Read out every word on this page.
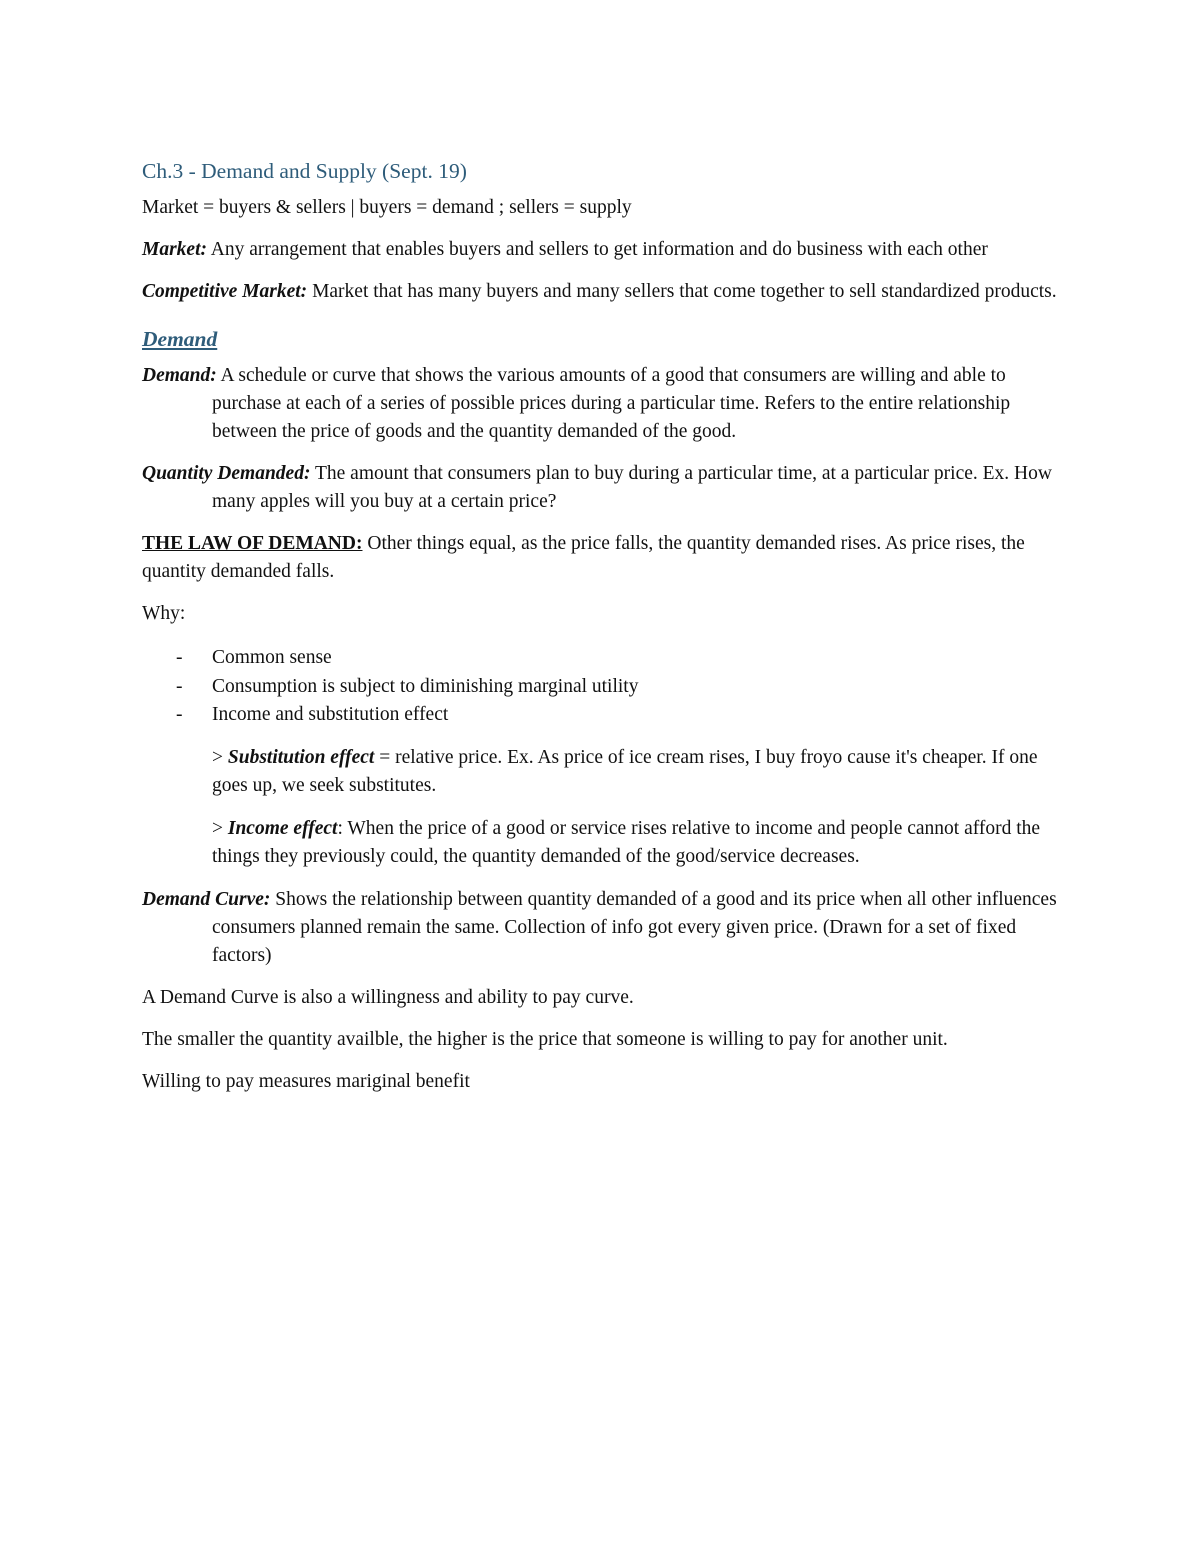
Ch.3 - Demand and Supply (Sept. 19)

Market = buyers & sellers | buyers = demand ; sellers = supply

Market: Any arrangement that enables buyers and sellers to get information and do business with each other

Competitive Market: Market that has many buyers and many sellers that come together to sell standardized products.

Demand

Demand: A schedule or curve that shows the various amounts of a good that consumers are willing and able to purchase at each of a series of possible prices during a particular time. Refers to the entire relationship between the price of goods and the quantity demanded of the good.

Quantity Demanded: The amount that consumers plan to buy during a particular time, at a particular price. Ex. How many apples will you buy at a certain price?

THE LAW OF DEMAND: Other things equal, as the price falls, the quantity demanded rises. As price rises, the quantity demanded falls.

Why:

- Common sense
- Consumption is subject to diminishing marginal utility
- Income and substitution effect

> Substitution effect = relative price. Ex. As price of ice cream rises, I buy froyo cause it's cheaper. If one goes up, we seek substitutes.

> Income effect: When the price of a good or service rises relative to income and people cannot afford the things they previously could, the quantity demanded of the good/service decreases.

Demand Curve: Shows the relationship between quantity demanded of a good and its price when all other influences consumers planned remain the same. Collection of info got every given price. (Drawn for a set of fixed factors)

A Demand Curve is also a willingness and ability to pay curve.

The smaller the quantity availble, the higher is the price that someone is willing to pay for another unit.

Willing to pay measures mariginal benefit
